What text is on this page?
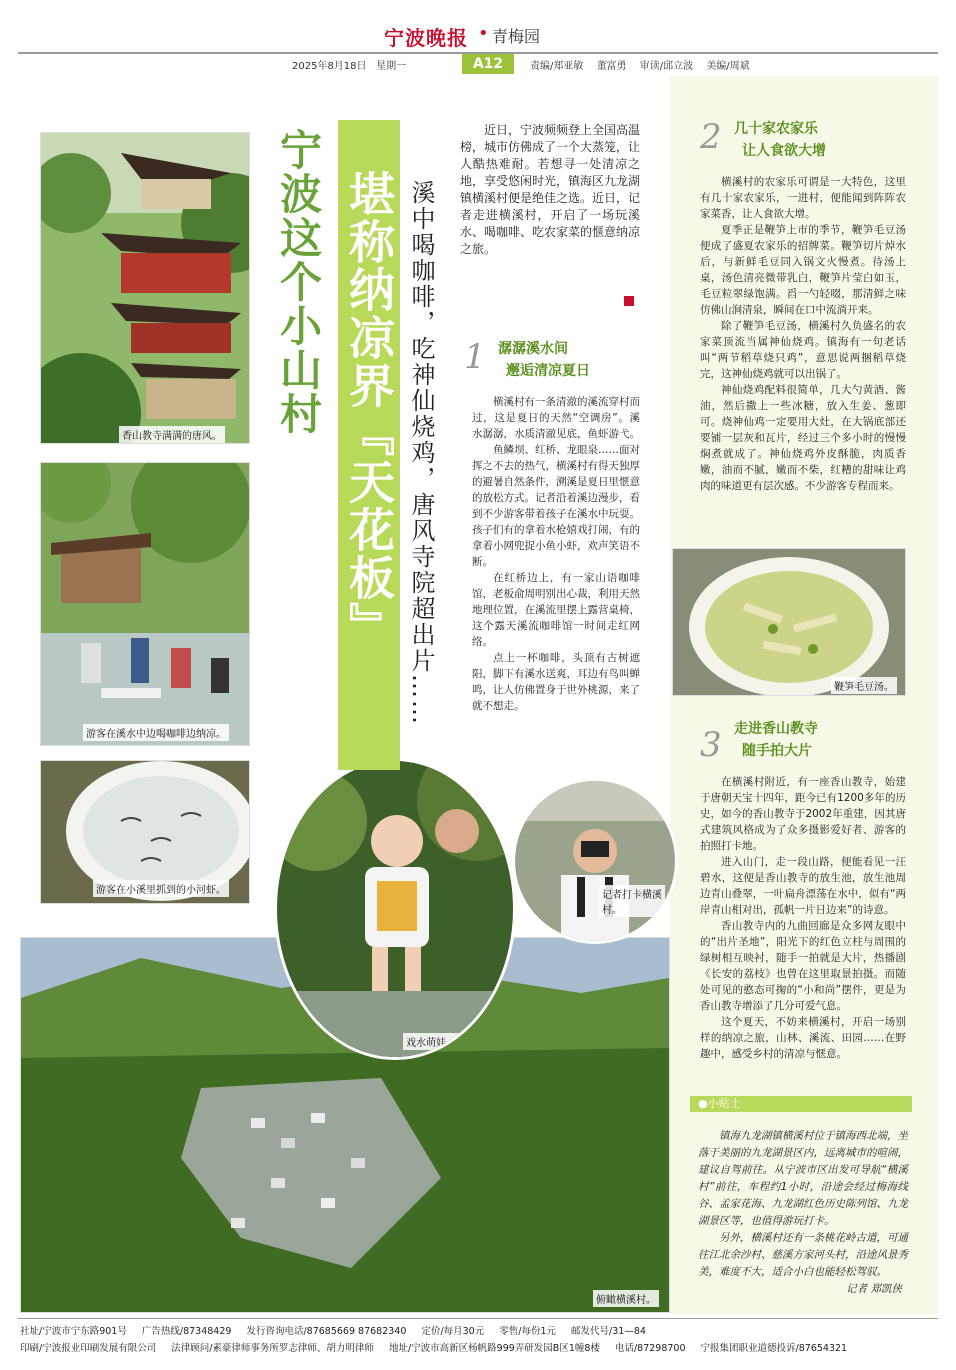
宁波晚报 • 青梅园
2025年8月18日 星期一	A12	责编/郑亚敏 董富勇 审读/邱立波 美编/周斌
香山教寺满满的唐风。
游客在溪水中边喝咖啡边纳凉。
游客在小溪里抓到的小河虾。
俯瞰横溪村。
戏水萌娃。
记者打卡横溪村。
宁波这个小山村 堪称纳凉界『天花板』 溪中喝咖啡，吃神仙烧鸡，唐风寺院超出片……
近日，宁波频频登上全国高温榜，城市仿佛成了一个大蒸笼，让人酷热难耐。若想寻一处清凉之地，享受悠闲时光，镇海区九龙湖镇横溪村便是绝佳之选。近日，记者走进横溪村，开启了一场玩溪水、喝咖啡、吃农家菜的惬意纳凉之旅。
1 潺潺溪水间
邂逅清凉夏日

横溪村有一条清澈的溪流穿村而过，这是夏日的天然“空调房”。溪水潺潺，水质清澈见底，鱼虾游弋。

鱼鳞坝、红桥、龙眼泉……面对挥之不去的热气，横溪村有得天独厚的避暑自然条件，溯溪是夏日里惬意的放松方式。记者沿着溪边漫步，看到不少游客带着孩子在溪水中玩耍。孩子们有的拿着水枪嬉戏打闹，有的拿着小网兜捉小鱼小虾，欢声笑语不断。

在红桥边上，有一家山语咖啡馆，老板俞周明别出心裁，利用天然地理位置，在溪流里摆上露营桌椅，这个露天溪流咖啡馆一时间走红网络。

点上一杯咖啡，头顶有古树遮阳，脚下有溪水送爽，耳边有鸟叫蝉鸣，让人仿佛置身于世外桃源，来了就不想走。

2 几十家农家乐
让人食欲大增

横溪村的农家乐可谓是一大特色，这里有几十家农家乐，一进村，便能闻到阵阵农家菜香，让人食欲大增。

夏季正是鞭笋上市的季节，鞭笋毛豆汤便成了盛夏农家乐的招牌菜。鞭笋切片焯水后，与新鲜毛豆同入锅文火慢煮。待汤上桌，汤色清亮微带乳白，鞭笋片莹白如玉，毛豆粒翠绿饱满。舀一勺轻啜，那清鲜之味仿佛山涧清泉，瞬间在口中流淌开来。

除了鞭笋毛豆汤，横溪村久负盛名的农家菜顶流当属神仙烧鸡。镇海有一句老话叫“两节稻草烧只鸡”，意思说两捆稻草烧完，这神仙烧鸡就可以出锅了。

神仙烧鸡配料很简单，几大勺黄酒、酱油，然后撒上一些冰糖，放入生姜、葱即可。烧神仙鸡一定要用大灶，在大锅底部还要铺一层灰和瓦片，经过三个多小时的慢慢焖煮就成了。神仙烧鸡外皮酥脆，肉质香嫩，油而不腻，嫩而不柴，红糟的甜味让鸡肉的味道更有层次感。不少游客专程而来。

鞭笋毛豆汤。
3 走进香山教寺
随手拍大片

在横溪村附近，有一座香山教寺，始建于唐朝天宝十四年，距今已有1200多年的历史，如今的香山教寺于2002年重建，因其唐式建筑风格成为了众多摄影爱好者、游客的拍照打卡地。

进入山门，走一段山路，便能看见一汪碧水，这便是香山教寺的放生池，放生池周边青山叠翠，一叶扁舟漂荡在水中，似有“两岸青山相对出，孤帆一片日边来”的诗意。

香山教寺内的九曲回廊是众多网友眼中的“出片圣地”，阳光下的红色立柱与周围的绿树相互映衬，随手一拍就是大片，热播剧《长安的荔枝》也曾在这里取景拍摄。而随处可见的憨态可掬的“小和尚”摆件，更是为香山教寺增添了几分可爱气息。

这个夏天，不妨来横溪村，开启一场别样的纳凉之旅，山林、溪流、田园……在野趣中，感受乡村的清凉与惬意。

●小贴士

镇海九龙湖镇横溪村位于镇海西北端，坐落于美丽的九龙湖景区内，远离城市的喧闹，建议自驾前往。从宁波市区出发可导航“横溪村”前往，车程约1小时，沿途会经过梅海线谷、孟家花海、九龙湖红色历史陈列馆、九龙湖景区等，也值得游玩打卡。

另外，横溪村还有一条桃花岭古道，可通往江北余沙村、慈溪方家河头村，沿途风景秀美，难度不大，适合小白也能轻松驾驭。

记者 郑凯侠
社址/宁波市宁东路901号 广告热线/87348429 发行咨询电话/87685669 87682340 定价/每月30元 零售/每份1元 邮发代号/31—84
印刷/宁波报业印刷发展有限公司 法律顾问/素豪律师事务所罗志律师、胡力明律师 地址/宁波市高新区杨帆路999弄研发园B区1幢8楼 电话/87298700 宁报集团职业道德投诉/87654321
